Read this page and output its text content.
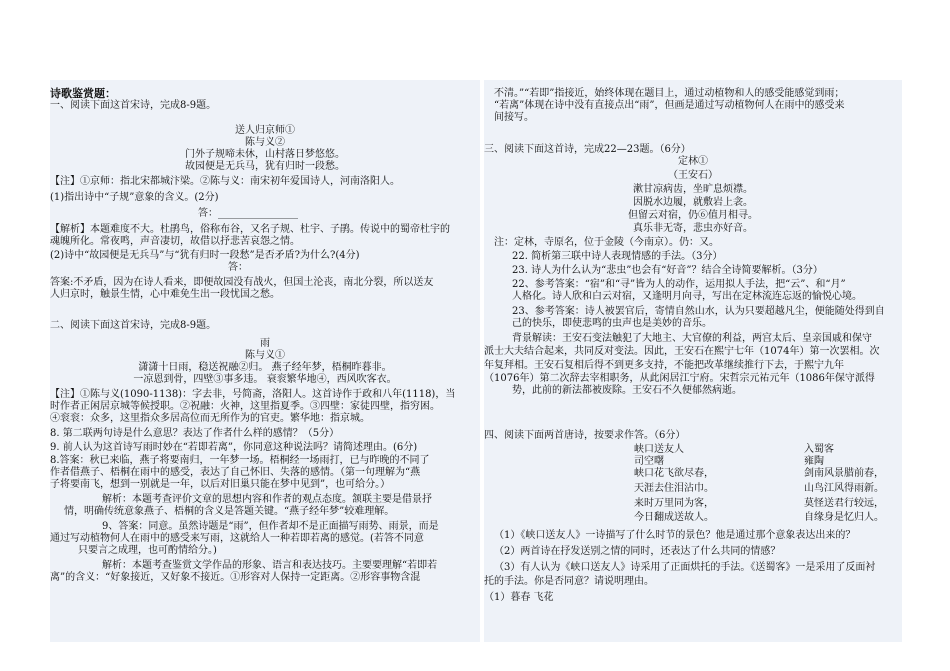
诗歌鉴赏题：
一、阅读下面这首宋诗，完成8-9题。
送人归京师①
陈与义②
门外子规啼未休，山村落日梦悠悠。
故园便是无兵马，犹有归时一段愁。
【注】①京师：指北宋都城汴梁。②陈与义：南宋初年爱国诗人，河南洛阳人。
(1)指出诗中“子规”意象的含义。(2分)
答：________________
【解析】本题难度不大。杜鹃鸟，俗称布谷，又名子规、杜宇、子鹃。传说中的蜀帝杜宇的
魂魄所化。常夜鸣，声音凄切，故借以抒悲苦哀怨之情。
(2)诗中“故园便是无兵马”与“犹有归时一段愁”是否矛盾?为什么?(4分)
答：
答案:不矛盾，因为在诗人看来，即便故园没有战火，但国土沦丧，南北分裂，所以送友
人归京时，触景生情，心中难免生出一段忧国之愁。
二、阅读下面这首宋诗，完成8-9题。
雨
陈与义①
潇潇十日雨，稳送祝融②归。 燕子经年梦，梧桐昨暮非。
一凉恩到骨，四壁③事多违。 衰衮繁华地④，西风吹客衣。
【注】①陈与义(1090-1138)：字去非，号简斋，洛阳人。这首诗作于政和八年(1118)，当
时作者正闲居京城等候授职。②祝融：火神，这里指夏季。③四壁：家徒四壁，指穷困。
④衮衮：众多，这里指众多居高位而无所作为的官吏。繁华地：指京城。
8. 第二联两句诗是什么意思？表达了作者什么样的感情？（5分）
9. 前人认为这首诗写雨时妙在“若即若离”，你同意这种说法吗？请简述理由。(6分)
8.答案：秋已来临，燕子将要南归，一年梦一场。梧桐经一场雨打，已与昨晚的不同了
作者借燕子、梧桐在雨中的感受，表达了自己怀旧、失落的感情。（第一句理解为“燕
子将要南飞，想到一别就是一年，以后对旧巢只能在梦中见到”，也可给分。）
解析：本题考查评价文章的思想内容和作者的观点态度。颔联主要是借景抒
情，明确传统意象燕子、梧桐的含义是答题关键。“燕子经年梦”较难理解。
9、答案：同意。虽然诗题是“雨”，但作者却不是正面描写雨势、雨景，而是
通过写动植物何人在雨中的感受来写雨，这就给人一种若即若离的感觉。(若答不同意
只要言之成理，也可酌情给分。)
解析：本题考查鉴赏文学作品的形象、语言和表达技巧。主要要理解“若即若
离”的含义：“好象接近，又好象不接近。①形容对人保持一定距离。②形容事物含混
不清。”“若即”指接近，始终体现在题目上，通过动植物和人的感受能感觉到雨；
“若离”体现在诗中没有直接点出“雨”，但画是通过写动植物何人在雨中的感受来
间接写。
三、阅读下面这首诗，完成22—23题。（6分）
定林①
（王安石）
漱甘凉病齿，坐旷息烦襟。
因脱水边履，就敷岩上衾。
但留云对宿，仍⑥值月相寻。
真乐非无寄，悲虫亦好音。
注：定林，寺原名，位于金陵（今南京）。仍：又。
22. 简析第三联中诗人表现情感的手法。（3分）
23. 诗人为什么认为“悲虫”也会有“好音”？结合全诗简要解析。（3分）
22、参考答案：“宿”和“寻”皆为人的动作，运用拟人手法，把“云”、和“月”
人格化。诗人欣和白云对宿，又逢明月向寻，写出在定林流连忘返的愉悦心境。
23、参考答案：诗人被罢官后，寄情自然山水，认为只要超越凡尘，便能随处得到自
己的快乐，即使悲鸣的虫声也是美妙的音乐。
背景解读：王安石变法触犯了大地主、大官僚的利益，两宫太后、皇亲国戚和保守
派士大夫结合起来，共同反对变法。因此，王安石在熙宁七年（1074年）第一次罢相。次
年复拜相。王安石复相后得不到更多支持，不能把改革继续推行下去，于熙宁九年
（1076年）第二次辞去宰相职务，从此闲居江宁府。宋哲宗元祐元年（1086年保守派得
势，此前的新法都被废除。王安石不久便郁然病逝。
四、阅读下面两首唐诗，按要求作答。（6分）
峡口送友人	入蜀客
司空曙	雍陶
峡口花飞欲尽春，
天涯去住泪沾巾。
来时万里同为客，
今日翻成送故人。
剑南风景腊前春，
山鸟江风得雨新。
莫怪送君行较远，
自缘身是忆归人。
（1）《峡口送友人》一诗描写了什么时节的景色？他是通过那个意象表达出来的？
（2）两首诗在抒发送别之情的同时，还表达了什么共同的情感？
（3）有人认为《峡口送友人》诗采用了正面烘托的手法。《送蜀客》一是采用了反面衬
托的手法。你是否同意？请说明理由。
（1）暮春 飞花
